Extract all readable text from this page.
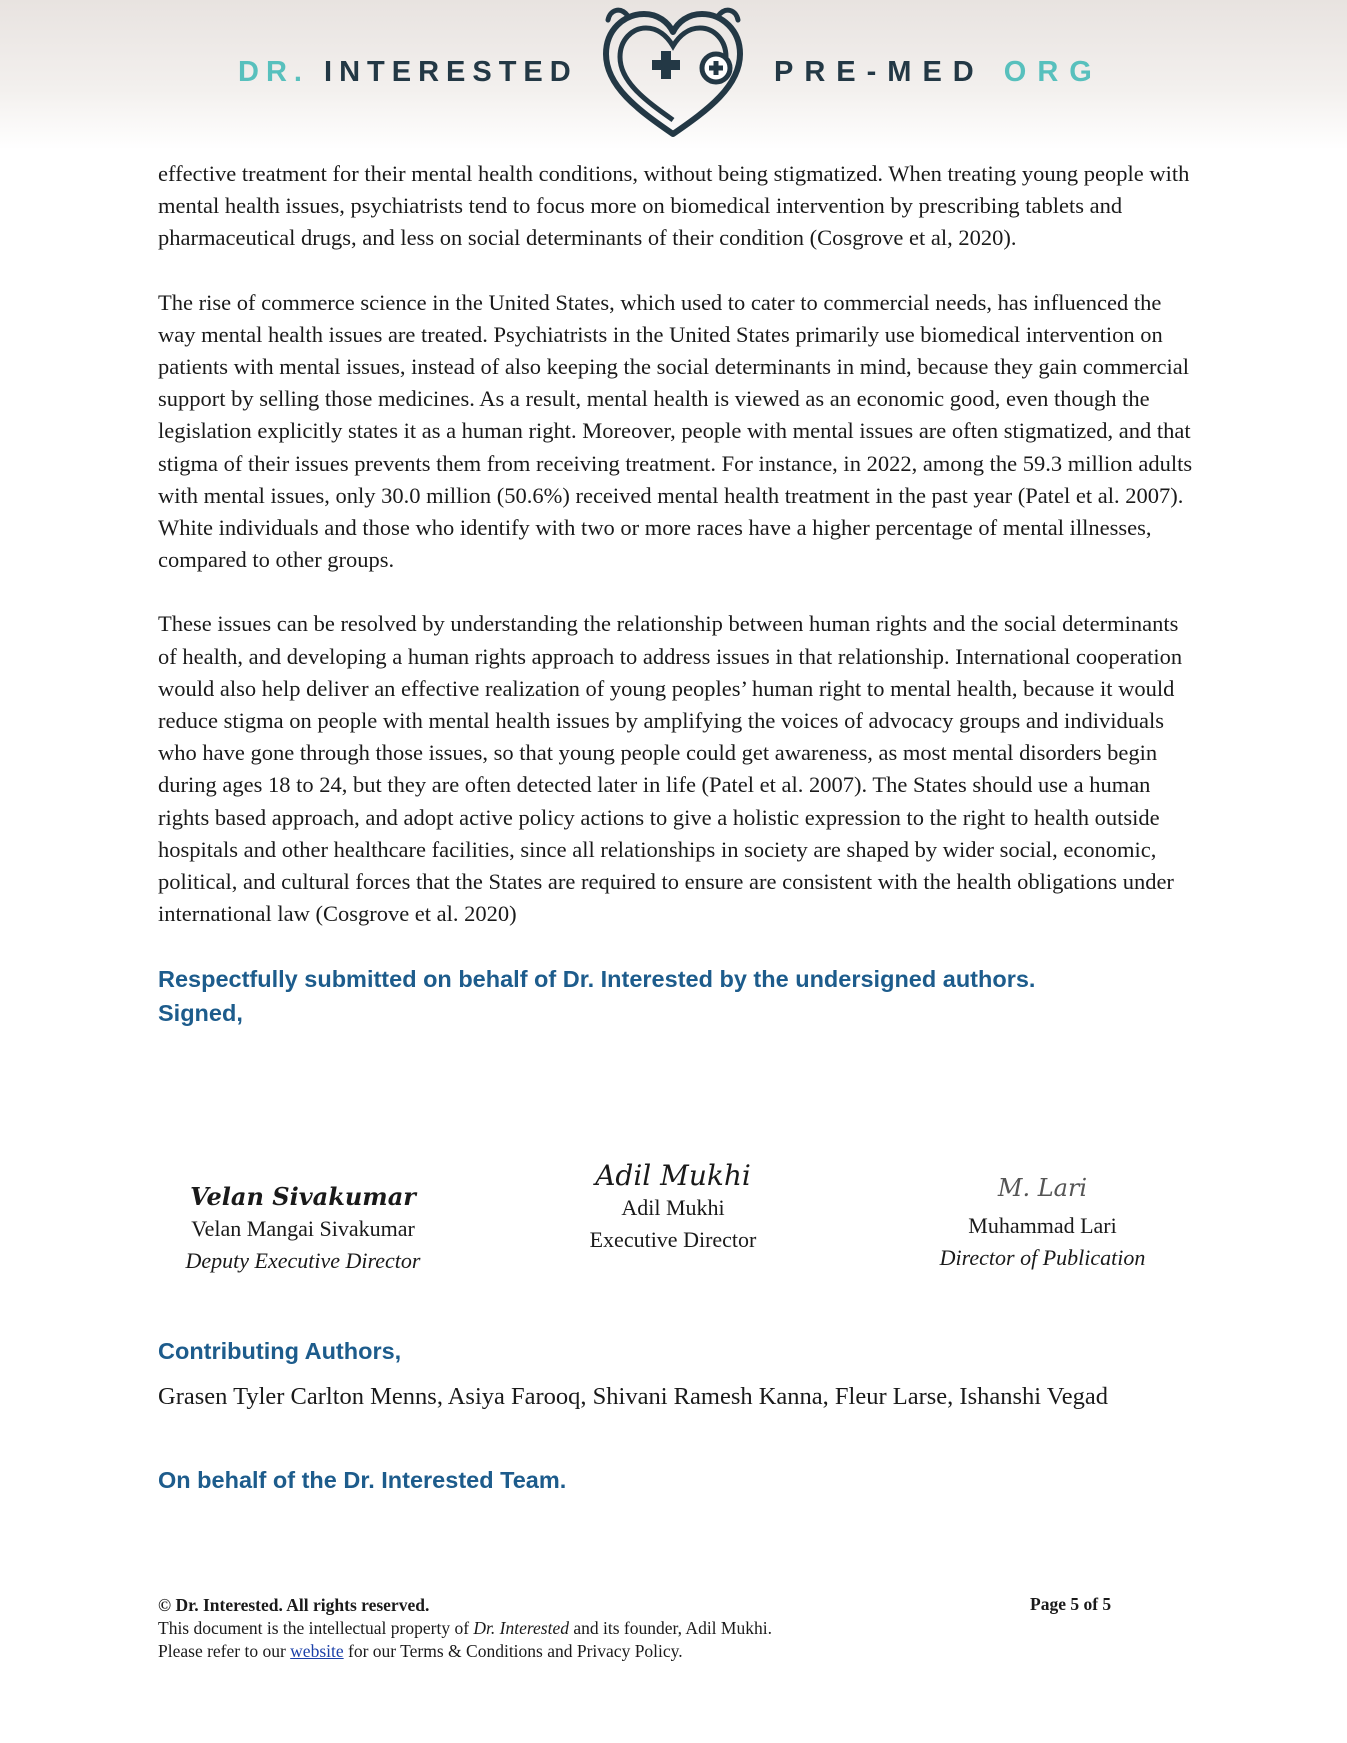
DR. INTERESTED	PRE-MED ORG

effective treatment for their mental health conditions, without being stigmatized. When treating young people with mental health issues, psychiatrists tend to focus more on biomedical intervention by prescribing tablets and pharmaceutical drugs, and less on social determinants of their condition (Cosgrove et al, 2020).

The rise of commerce science in the United States, which used to cater to commercial needs, has influenced the way mental health issues are treated. Psychiatrists in the United States primarily use biomedical intervention on patients with mental issues, instead of also keeping the social determinants in mind, because they gain commercial support by selling those medicines. As a result, mental health is viewed as an economic good, even though the legislation explicitly states it as a human right. Moreover, people with mental issues are often stigmatized, and that stigma of their issues prevents them from receiving treatment. For instance, in 2022, among the 59.3 million adults with mental issues, only 30.0 million (50.6%) received mental health treatment in the past year (Patel et al. 2007). White individuals and those who identify with two or more races have a higher percentage of mental illnesses, compared to other groups.

These issues can be resolved by understanding the relationship between human rights and the social determinants of health, and developing a human rights approach to address issues in that relationship. International cooperation would also help deliver an effective realization of young peoples’ human right to mental health, because it would reduce stigma on people with mental health issues by amplifying the voices of advocacy groups and individuals who have gone through those issues, so that young people could get awareness, as most mental disorders begin during ages 18 to 24, but they are often detected later in life (Patel et al. 2007). The States should use a human rights based approach, and adopt active policy actions to give a holistic expression to the right to health outside hospitals and other healthcare facilities, since all relationships in society are shaped by wider social, economic, political, and cultural forces that the States are required to ensure are consistent with the health obligations under international law (Cosgrove et al. 2020)

Respectfully submitted on behalf of Dr. Interested by the undersigned authors.

Signed,

Velan Sivakumar
Velan Mangai Sivakumar
Deputy Executive Director
Adil Mukhi
Adil Mukhi
Executive Director
M. Lari
Muhammad Lari
Director of Publication

Contributing Authors,

Grasen Tyler Carlton Menns, Asiya Farooq, Shivani Ramesh Kanna, Fleur Larse, Ishanshi Vegad

On behalf of the Dr. Interested Team.

© Dr. Interested. All rights reserved.
This document is the intellectual property of Dr. Interested and its founder, Adil Mukhi.
Please refer to our website for our Terms & Conditions and Privacy Policy.
Page 5 of 5
